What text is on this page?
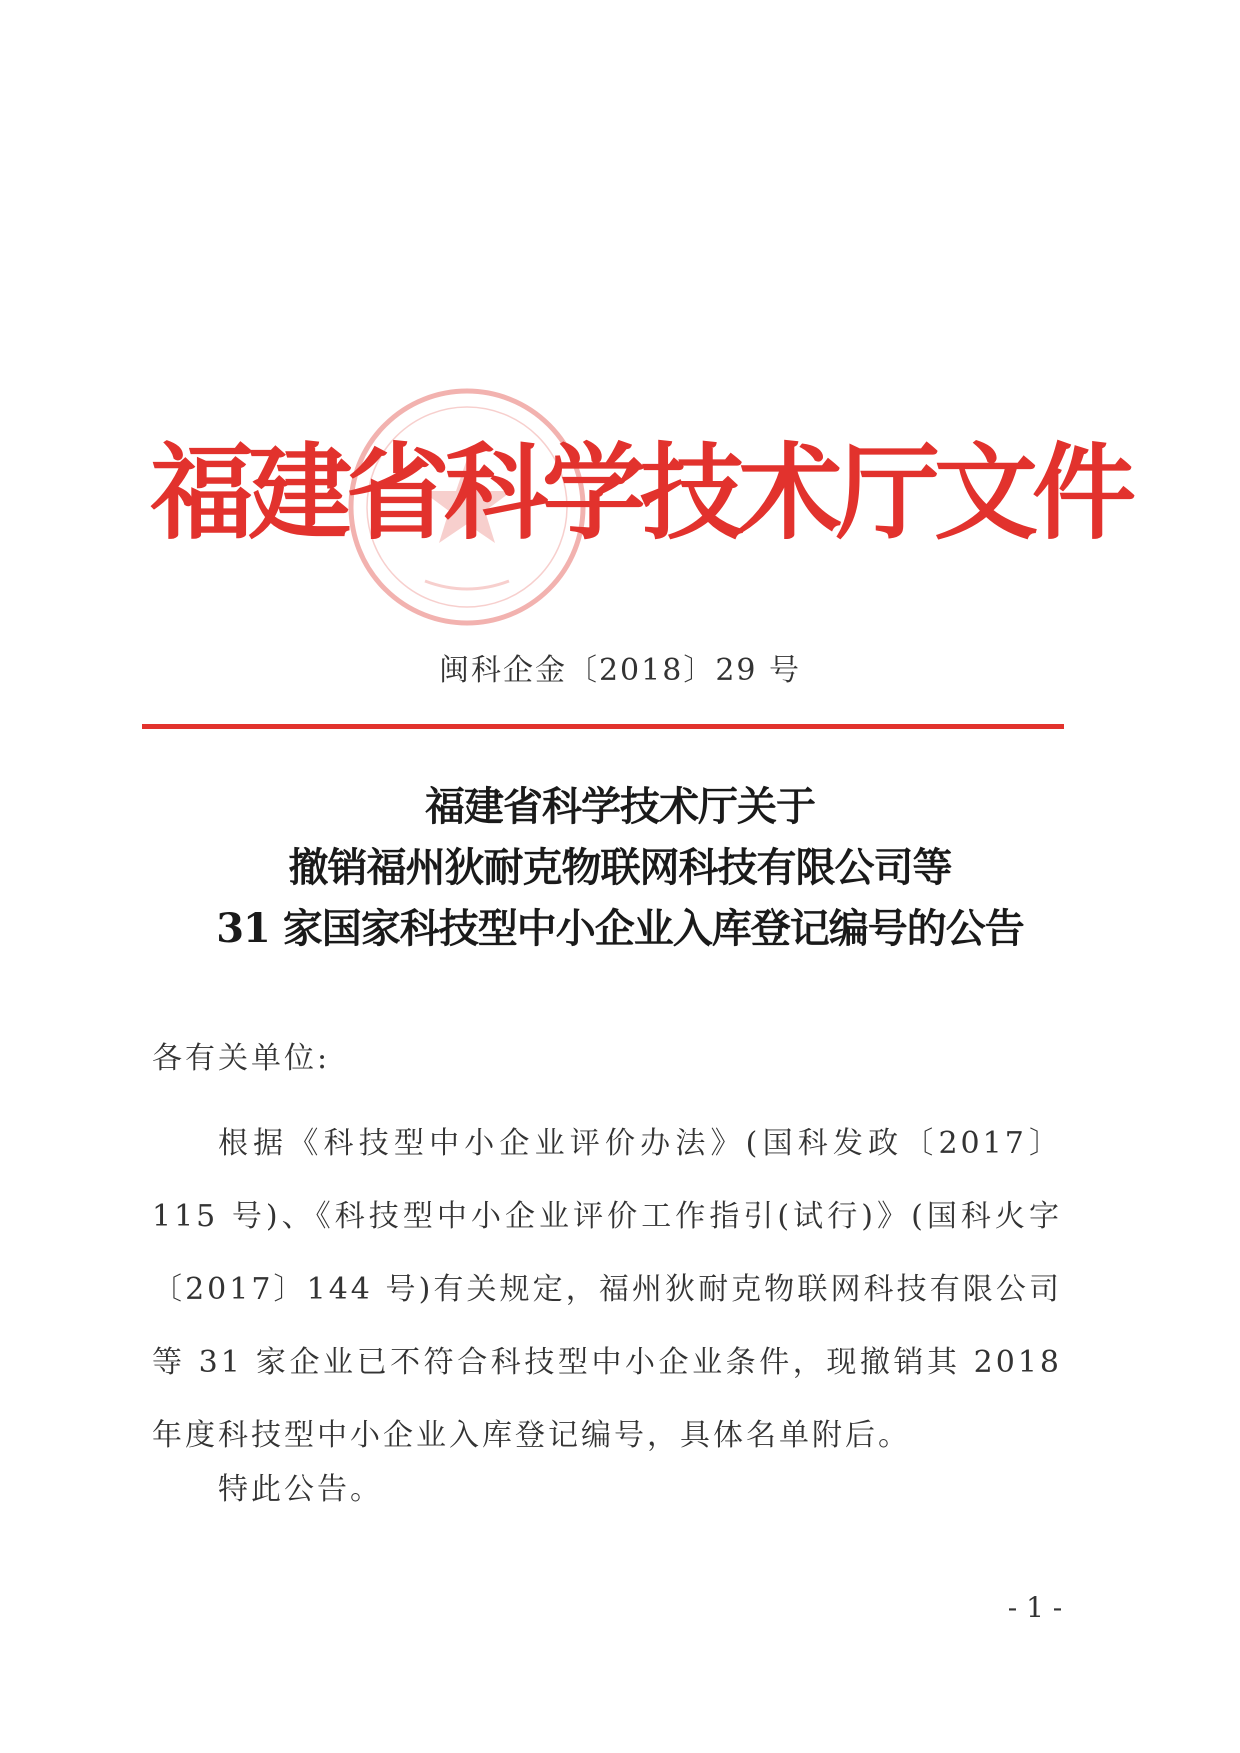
福建省科学技术厅文件
闽科企金〔2018〕29 号
福建省科学技术厅关于
撤销福州狄耐克物联网科技有限公司等
31 家国家科技型中小企业入库登记编号的公告
各有关单位:

根据《科技型中小企业评价办法》(国科发政〔2017〕115 号)、《科技型中小企业评价工作指引(试行)》(国科火字〔2017〕144 号)有关规定，福州狄耐克物联网科技有限公司等 31 家企业已不符合科技型中小企业条件，现撤销其 2018 年度科技型中小企业入库登记编号，具体名单附后。

特此公告。
- 1 -
